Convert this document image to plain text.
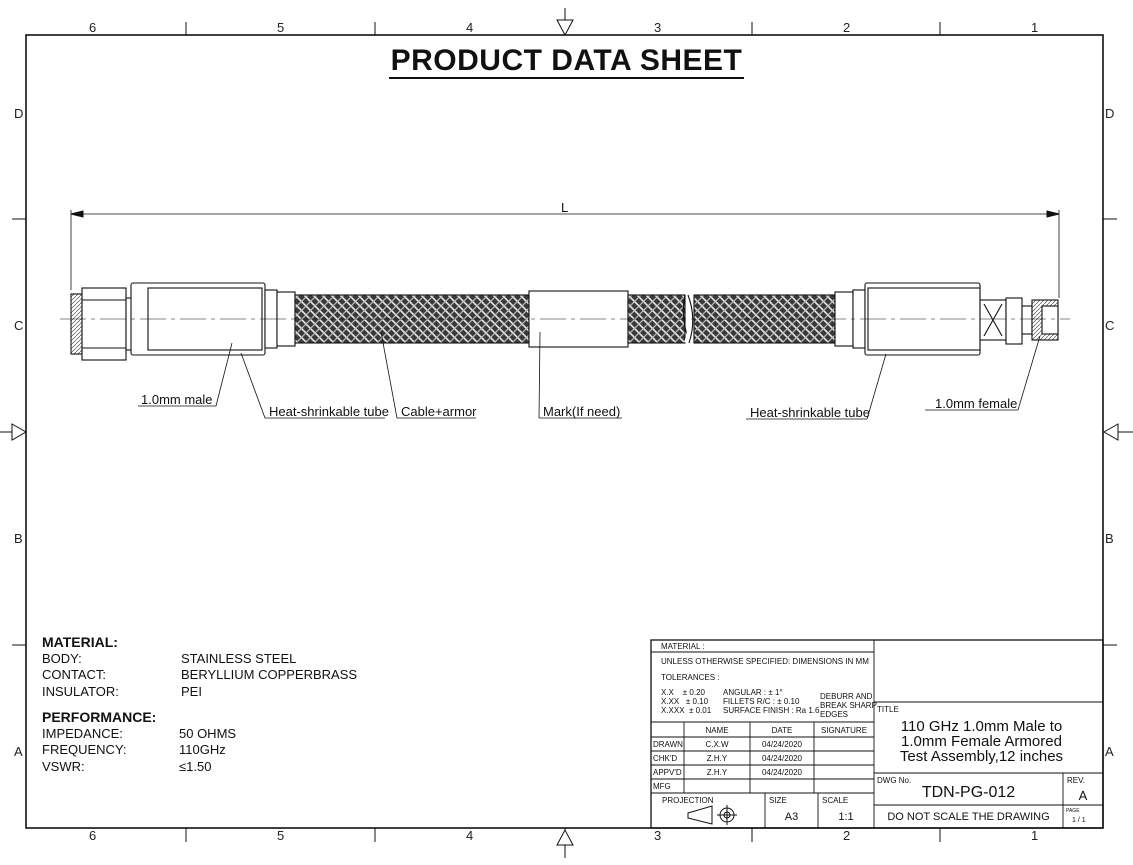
6	5	4	3	2	1
6	5	4	3	2	1
D
C
B
A
D
C
B
A
PRODUCT DATA SHEET
L
1.0mm male
Heat-shrinkable tube Cable+armor	Mark(If need)	Heat-shrinkable tube
1.0mm female
MATERIAL:
BODY:	STAINLESS STEEL
CONTACT:	BERYLLIUM COPPERBRASS
INSULATOR:	PEI
PERFORMANCE:
IMPEDANCE:	50 OHMS
FREQUENCY:	110GHz
VSWR:	≤1.50
MATERIAL :
UNLESS OTHERWISE SPECIFIED: DIMENSIONS IN MM
TOLERANCES :
X.X    ± 0.20
X.XX   ± 0.10
X.XXX  ± 0.01
ANGULAR : ± 1°
FILLETS R/C : ± 0.10
SURFACE FINISH : Ra 1.6
DEBURR AND
BREAK SHARP
EDGES
NAME	DATE	SIGNATURE
DRAWN	C.X.W	04/24/2020
CHK'D	Z.H.Y	04/24/2020
APPV'D	Z.H.Y	04/24/2020
MFG
PROJECTION	SIZE
A3
SCALE
1:1
TITLE
110 GHz 1.0mm Male to
1.0mm Female Armored
Test Assembly,12 inches
DWG No.
TDN-PG-012
REV.
A
DO NOT SCALE THE DRAWING	PAGE
1 / 1
